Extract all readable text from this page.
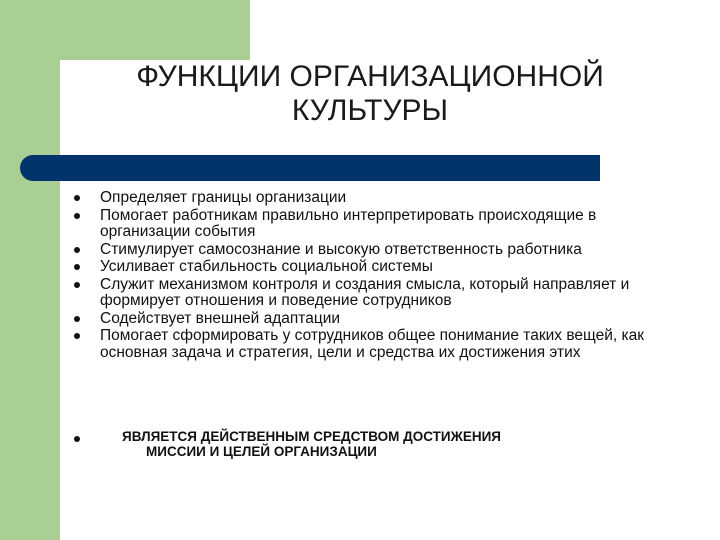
ФУНКЦИИ ОРГАНИЗАЦИОННОЙ
КУЛЬТУРЫ
Определяет границы организации
Помогает работникам правильно интерпретировать происходящие в организации события
Стимулирует самосознание и высокую ответственность работника
Усиливает стабильность социальной системы
Служит механизмом контроля и создания смысла, который направляет и формирует отношения и поведение сотрудников
Содействует внешней адаптации
Помогает сформировать у сотрудников общее понимание таких вещей, как основная задача и стратегия, цели и средства их достижения этих
ЯВЛЯЕТСЯ ДЕЙСТВЕННЫМ СРЕДСТВОМ ДОСТИЖЕНИЯ
МИССИИ И ЦЕЛЕЙ ОРГАНИЗАЦИИ
